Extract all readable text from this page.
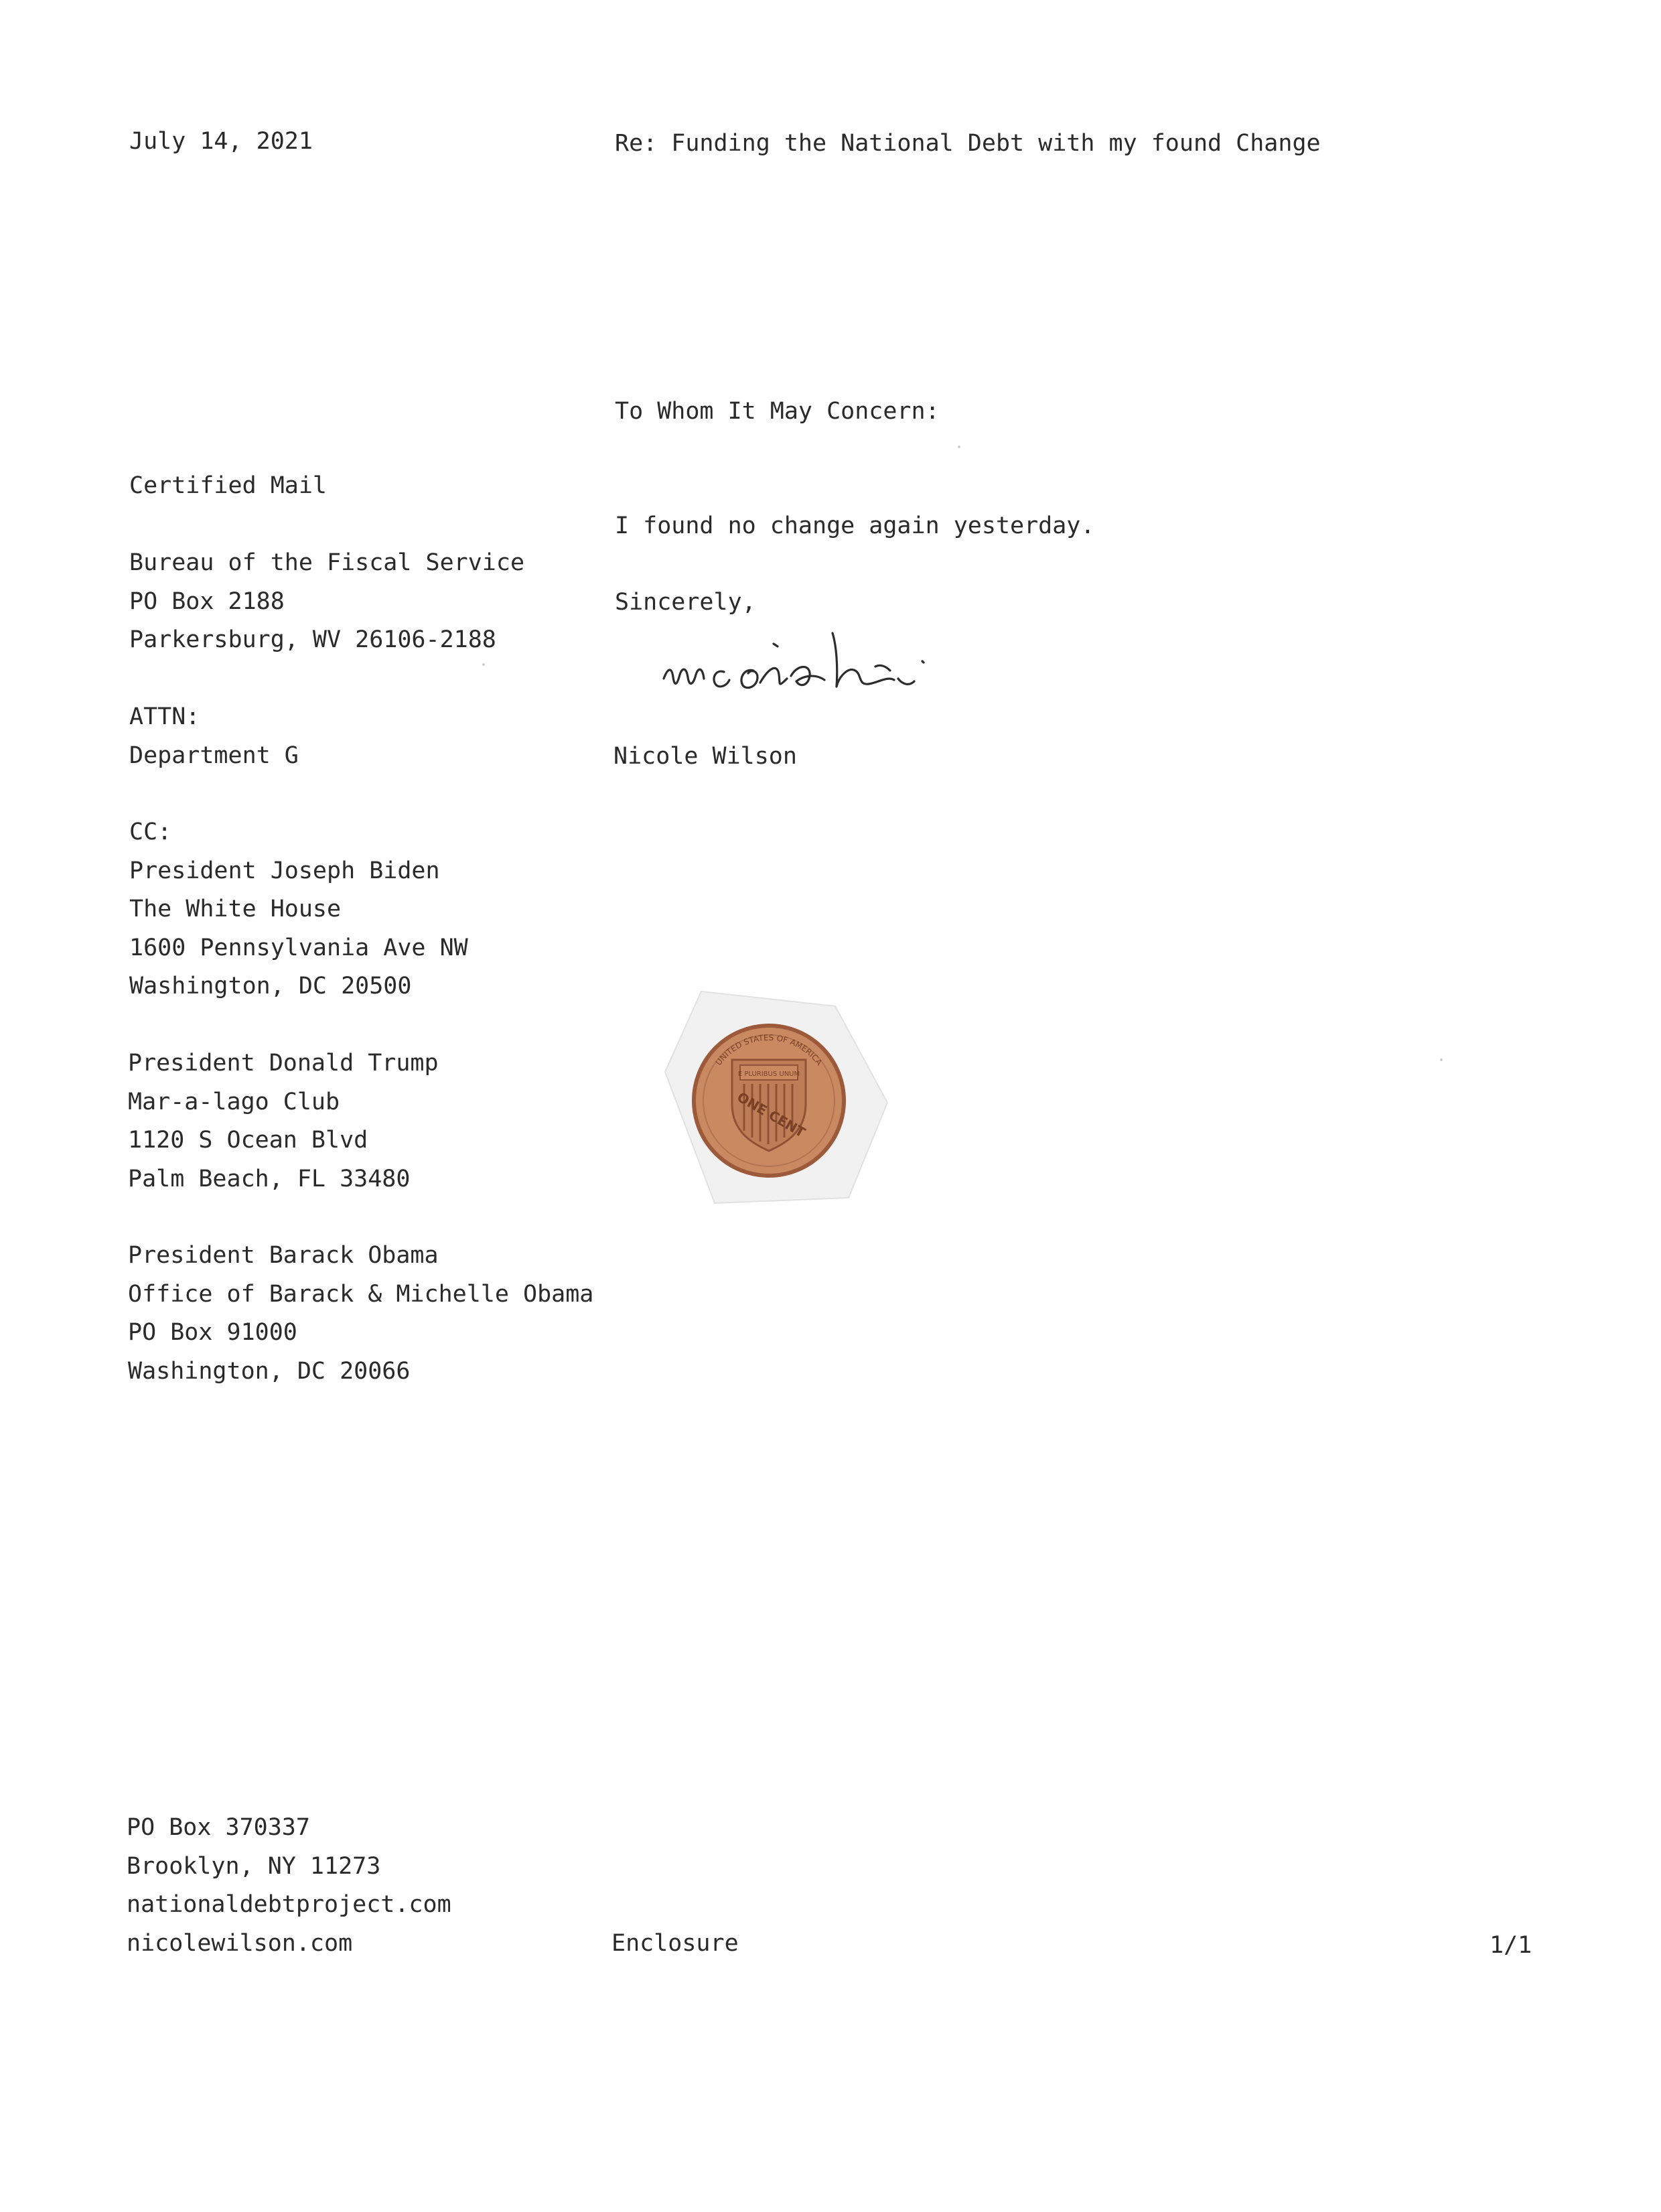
July 14, 2021	Re: Funding the National Debt with my found Change

To Whom It May Concern:

I found no change again yesterday.

Sincerely,

Nicole Wilson

Certified Mail

Bureau of the Fiscal Service
PO Box 2188
Parkersburg, WV 26106-2188
ATTN:
Department G
CC:
President Joseph Biden
The White House
1600 Pennsylvania Ave NW
Washington, DC 20500
President Donald Trump
Mar-a-lago Club
1120 S Ocean Blvd
Palm Beach, FL 33480
President Barack Obama
Office of Barack & Michelle Obama
PO Box 91000
Washington, DC 20066
E PLURIBUS UNUM
ONE CENT
UNITED STATES OF AMERICA
PO Box 370337
Brooklyn, NY 11273
nationaldebtproject.com
nicolewilson.com	Enclosure	1/1
